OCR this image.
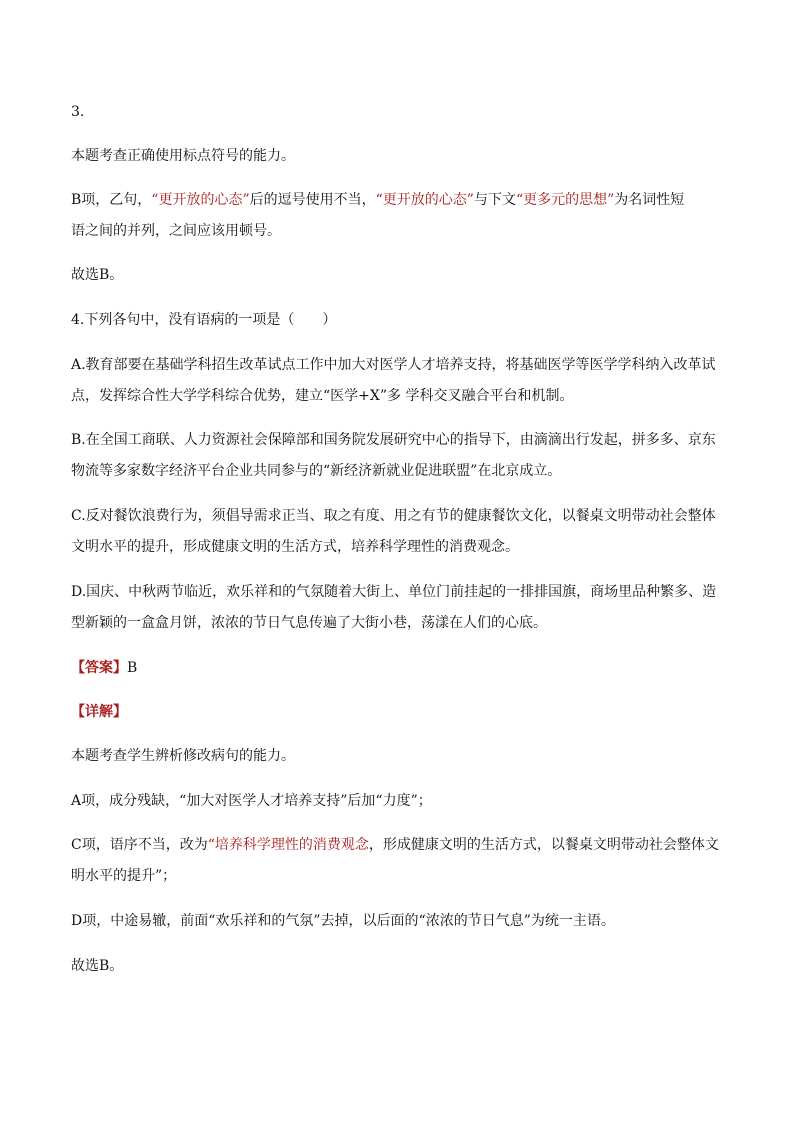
3.
本题考查正确使用标点符号的能力。
B项，乙句，“更开放的心态”后的逗号使用不当，“更开放的心态”与下文“更多元的思想”为名词性短
语之间的并列，之间应该用顿号。
故选B。
4.下列各句中，没有语病的一项是（　　）
A.教育部要在基础学科招生改革试点工作中加大对医学人才培养支持，将基础医学等医学学科纳入改革试
点，发挥综合性大学学科综合优势，建立“医学+X”多 学科交叉融合平台和机制。
B.在全国工商联、人力资源社会保障部和国务院发展研究中心的指导下，由滴滴出行发起，拼多多、京东
物流等多家数字经济平台企业共同参与的“新经济新就业促进联盟”在北京成立。
C.反对餐饮浪费行为，须倡导需求正当、取之有度、用之有节的健康餐饮文化，以餐桌文明带动社会整体
文明水平的提升，形成健康文明的生活方式，培养科学理性的消费观念。
D.国庆、中秋两节临近，欢乐祥和的气氛随着大街上、单位门前挂起的一排排国旗，商场里品种繁多、造
型新颖的一盒盒月饼，浓浓的节日气息传遍了大街小巷，荡漾在人们的心底。
【答案】B
【详解】
本题考查学生辨析修改病句的能力。
A项，成分残缺，“加大对医学人才培养支持”后加“力度”；
C项，语序不当，改为“培养科学理性的消费观念，形成健康文明的生活方式，以餐桌文明带动社会整体文
明水平的提升”；
D项，中途易辙，前面“欢乐祥和的气氛”去掉，以后面的“浓浓的节日气息”为统一主语。
故选B。
